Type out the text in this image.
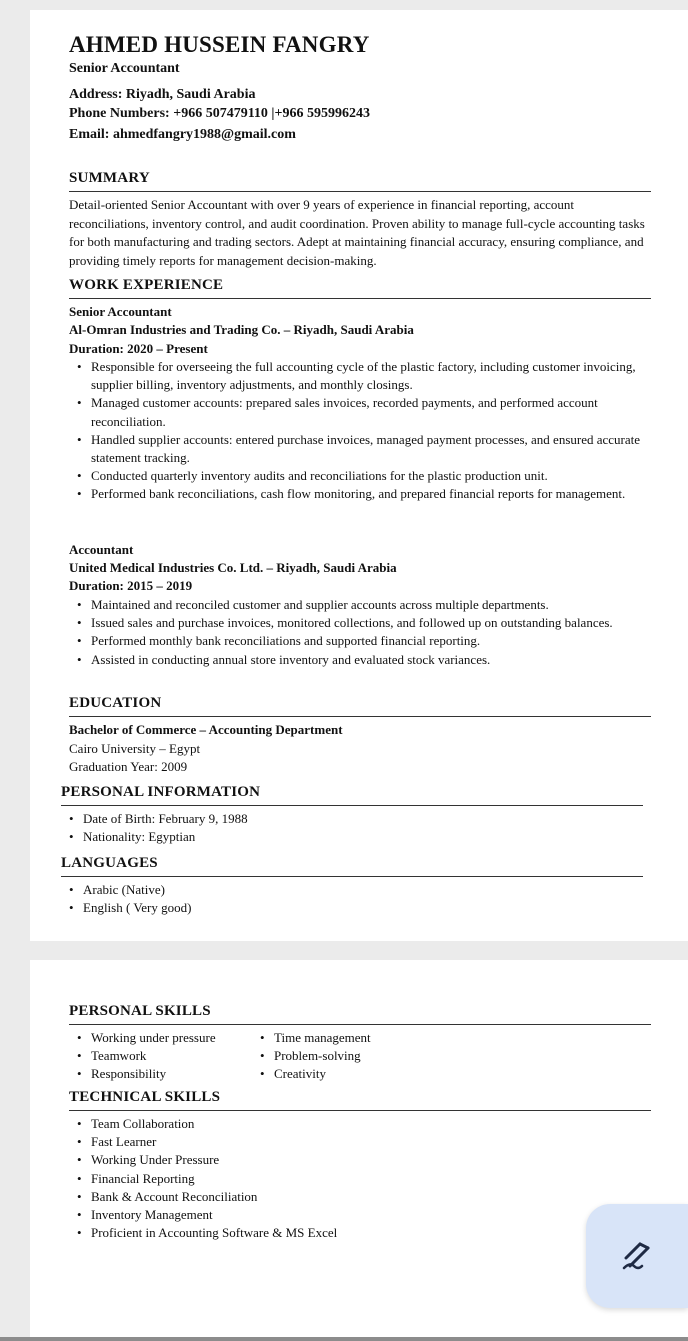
AHMED HUSSEIN FANGRY
Senior Accountant
Address: Riyadh, Saudi Arabia
Phone Numbers: +966 507479110 |+966 595996243
Email: ahmedfangry1988@gmail.com
SUMMARY
Detail-oriented Senior Accountant with over 9 years of experience in financial reporting, account reconciliations, inventory control, and audit coordination. Proven ability to manage full-cycle accounting tasks for both manufacturing and trading sectors. Adept at maintaining financial accuracy, ensuring compliance, and providing timely reports for management decision-making.
WORK EXPERIENCE
Senior Accountant
Al-Omran Industries and Trading Co. – Riyadh, Saudi Arabia
Duration: 2020 – Present
• Responsible for overseeing the full accounting cycle of the plastic factory, including customer invoicing, supplier billing, inventory adjustments, and monthly closings.
• Managed customer accounts: prepared sales invoices, recorded payments, and performed account reconciliation.
• Handled supplier accounts: entered purchase invoices, managed payment processes, and ensured accurate statement tracking.
• Conducted quarterly inventory audits and reconciliations for the plastic production unit.
• Performed bank reconciliations, cash flow monitoring, and prepared financial reports for management.
Accountant
United Medical Industries Co. Ltd. – Riyadh, Saudi Arabia
Duration: 2015 – 2019
• Maintained and reconciled customer and supplier accounts across multiple departments.
• Issued sales and purchase invoices, monitored collections, and followed up on outstanding balances.
• Performed monthly bank reconciliations and supported financial reporting.
• Assisted in conducting annual store inventory and evaluated stock variances.
EDUCATION
Bachelor of Commerce – Accounting Department
Cairo University – Egypt
Graduation Year: 2009
PERSONAL INFORMATION
• Date of Birth: February 9, 1988
• Nationality: Egyptian
LANGUAGES
• Arabic (Native)
• English ( Very good)
PERSONAL SKILLS
• Working under pressure
• Teamwork
• Responsibility
• Time management
• Problem-solving
• Creativity
TECHNICAL SKILLS
• Team Collaboration
• Fast Learner
• Working Under Pressure
• Financial Reporting
• Bank & Account Reconciliation
• Inventory Management
• Proficient in Accounting Software & MS Excel
